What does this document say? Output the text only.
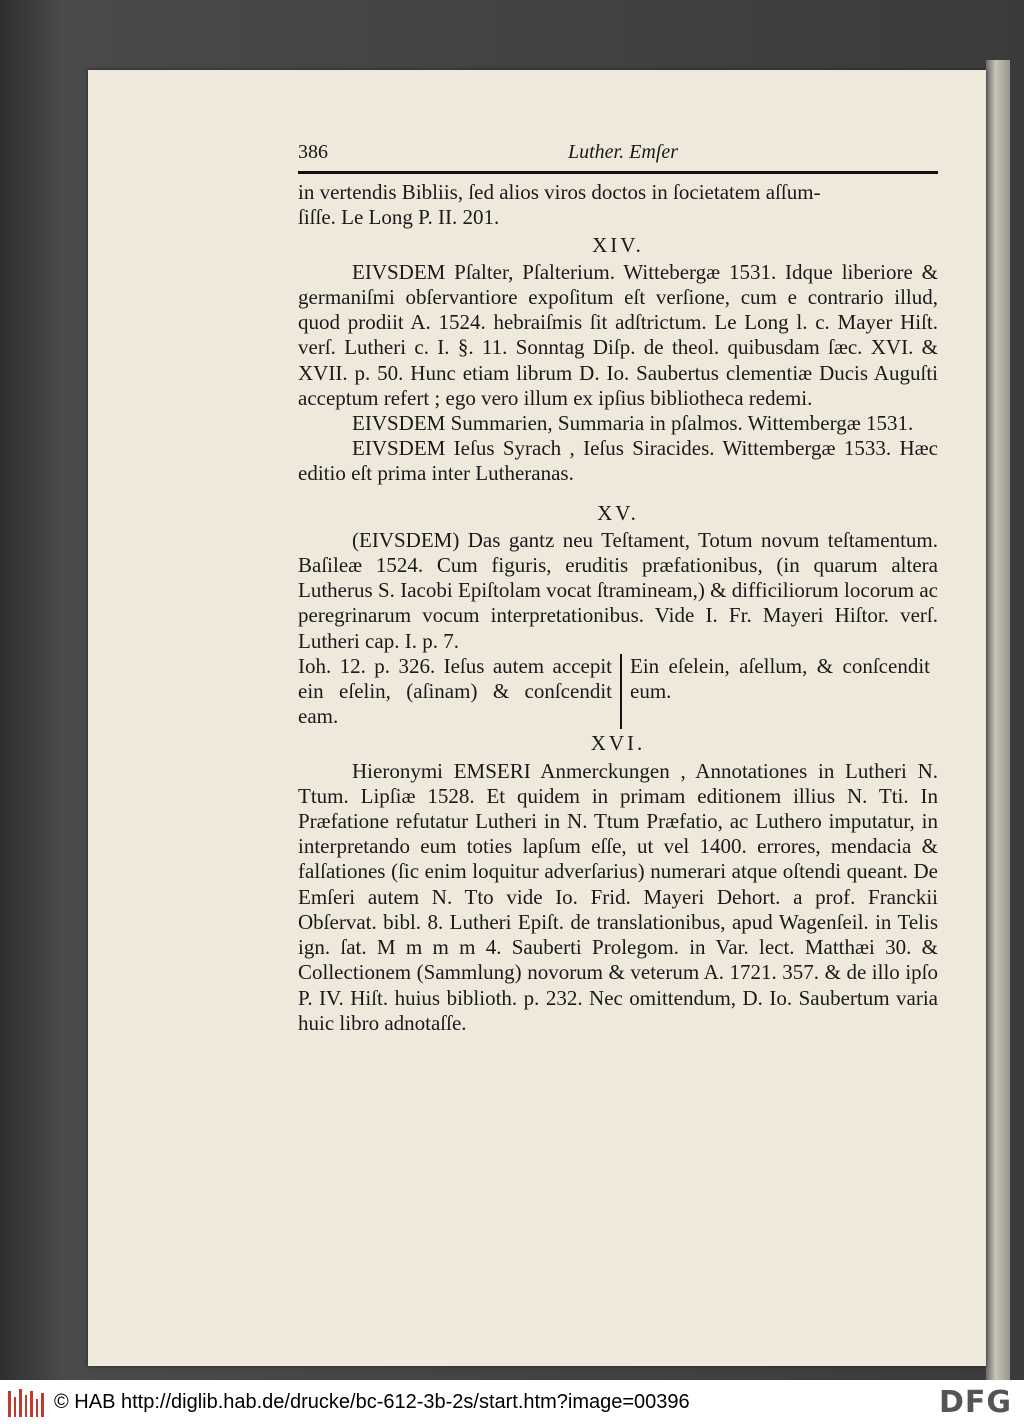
386	Luther. Emſer

in vertendis Bibliis, ſed alios viros doctos in ſocietatem aſſum-

ſiſſe. Le Long P. II. 201.

XIV.

EIVSDEM Pſalter, Pſalterium. Wittebergæ 1531. Idque liberiore & germaniſmi obſervantiore expoſitum eſt verſione, cum e contrario illud, quod prodiit A. 1524. hebraiſmis ſit adſtrictum. Le Long l. c. Mayer Hiſt. verſ. Lutheri c. I. §. 11. Sonntag Diſp. de theol. quibusdam ſæc. XVI. & XVII. p. 50. Hunc etiam librum D. Io. Saubertus clementiæ Ducis Auguſti acceptum refert ; ego vero illum ex ipſius bibliotheca redemi.

EIVSDEM Summarien, Summaria in pſalmos. Wittembergæ 1531.

EIVSDEM Ieſus Syrach , Ieſus Siracides. Wittembergæ 1533. Hæc editio eſt prima inter Lutheranas.

XV.

(EIVSDEM) Das gantz neu Teſtament, Totum novum teſtamentum. Baſileæ 1524. Cum figuris, eruditis præfationibus, (in quarum altera Lutherus S. Iacobi Epiſtolam vocat ſtramineam,) & difficiliorum locorum ac peregrinarum vocum interpretationibus. Vide I. Fr. Mayeri Hiſtor. verſ. Lutheri cap. I. p. 7.

Ioh. 12. p. 326. Ieſus autem accepit ein eſelin, (aſinam) & conſcendit eam.
Ein eſelein, aſellum, & conſcendit eum.
XVI.

Hieronymi EMSERI Anmerckungen , Annotationes in Lutheri N. Ttum. Lipſiæ 1528. Et quidem in primam editionem illius N. Tti. In Præfatione refutatur Lutheri in N. Ttum Præfatio, ac Luthero imputatur, in interpretando eum toties lapſum eſſe, ut vel 1400. errores, mendacia & falſationes (ſic enim loquitur adverſarius) numerari atque oſtendi queant. De Emſeri autem N. Tto vide Io. Frid. Mayeri Dehort. a prof. Franckii Obſervat. bibl. 8. Lutheri Epiſt. de translationibus, apud Wagenſeil. in Telis ign. ſat. M m m m 4. Sauberti Prolegom. in Var. lect. Matthæi 30. & Collectionem (Sammlung) novorum & veterum A. 1721. 357. & de illo ipſo P. IV. Hiſt. huius biblioth. p. 232. Nec omittendum, D. Io. Saubertum varia huic libro adnotaſſe.

© HAB http://diglib.hab.de/drucke/bc-612-3b-2s/start.htm?image=00396	DFG
